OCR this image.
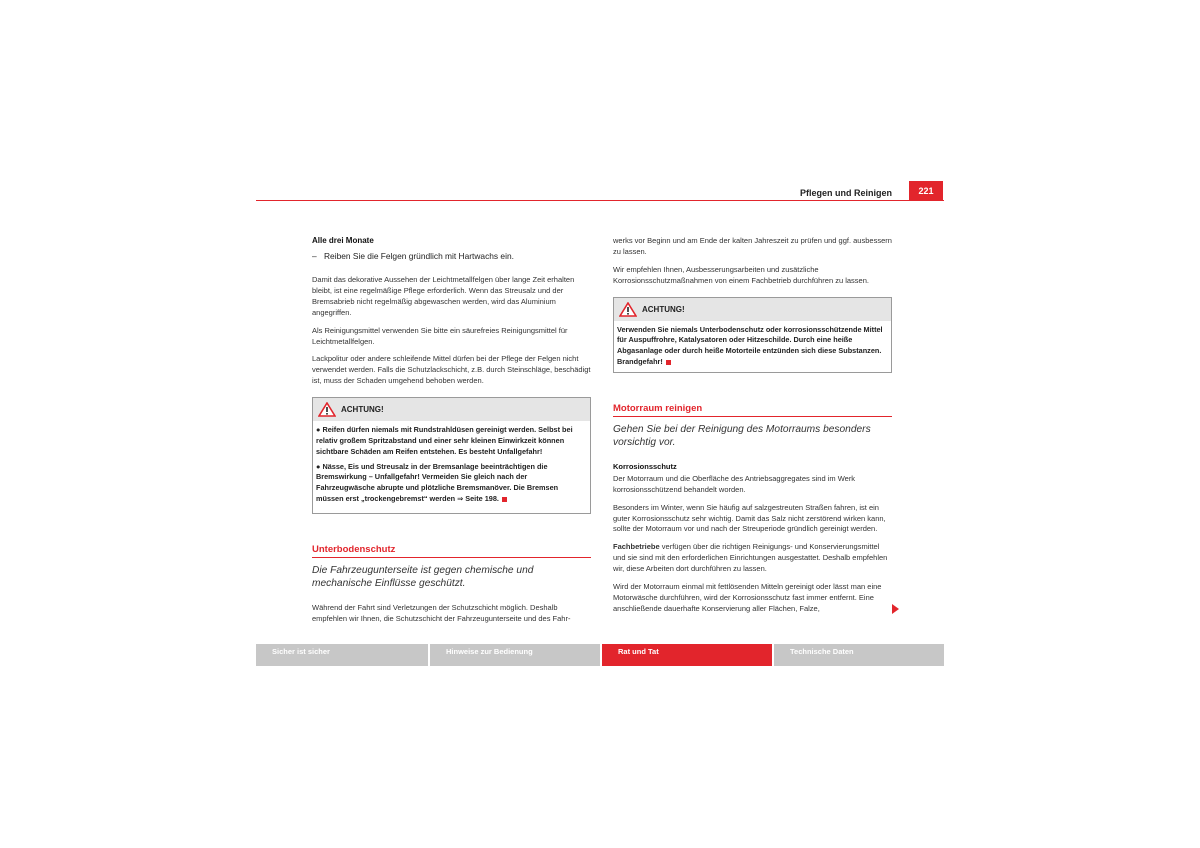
Pflegen und Reinigen	221
Alle drei Monate
– Reiben Sie die Felgen gründlich mit Hartwachs ein.

Damit das dekorative Aussehen der Leichtmetallfelgen über lange Zeit erhalten bleibt, ist eine regelmäßige Pflege erforderlich. Wenn das Streusalz und der Bremsabrieb nicht regelmäßig abgewaschen werden, wird das Aluminium angegriffen.

Als Reinigungsmittel verwenden Sie bitte ein säurefreies Reinigungsmittel für Leichtmetallfelgen.

Lackpolitur oder andere schleifende Mittel dürfen bei der Pflege der Felgen nicht verwendet werden. Falls die Schutzlackschicht, z.B. durch Steinschläge, beschädigt ist, muss der Schaden umgehend behoben werden.

ACHTUNG!
● Reifen dürfen niemals mit Rundstrahldüsen gereinigt werden. Selbst bei relativ großem Spritzabstand und einer sehr kleinen Einwirkzeit können sichtbare Schäden am Reifen entstehen. Es besteht Unfallgefahr!
● Nässe, Eis und Streusalz in der Bremsanlage beeinträchtigen die Bremswirkung – Unfallgefahr! Vermeiden Sie gleich nach der Fahrzeugwäsche abrupte und plötzliche Bremsmanöver. Die Bremsen müssen erst „trockengebremst“ werden ⇒ Seite 198.
Unterbodenschutz
Die Fahrzeugunterseite ist gegen chemische und mechanische Einflüsse geschützt.

Während der Fahrt sind Verletzungen der Schutzschicht möglich. Deshalb empfehlen wir Ihnen, die Schutzschicht der Fahrzeugunterseite und des Fahr-

werks vor Beginn und am Ende der kalten Jahreszeit zu prüfen und ggf. ausbessern zu lassen.

Wir empfehlen Ihnen, Ausbesserungsarbeiten und zusätzliche Korrosionsschutzmaßnahmen von einem Fachbetrieb durchführen zu lassen.

ACHTUNG!
Verwenden Sie niemals Unterbodenschutz oder korrosionsschützende Mittel für Auspuffrohre, Katalysatoren oder Hitzeschilde. Durch eine heiße Abgasanlage oder durch heiße Motorteile entzünden sich diese Substanzen. Brandgefahr!
Motorraum reinigen
Gehen Sie bei der Reinigung des Motorraums besonders vorsichtig vor.
Korrosionsschutz

Der Motorraum und die Oberfläche des Antriebsaggregates sind im Werk korrosionsschützend behandelt worden.

Besonders im Winter, wenn Sie häufig auf salzgestreuten Straßen fahren, ist ein guter Korrosionsschutz sehr wichtig. Damit das Salz nicht zerstörend wirken kann, sollte der Motorraum vor und nach der Streuperiode gründlich gereinigt werden.

Fachbetriebe verfügen über die richtigen Reinigungs- und Konservierungsmittel und sie sind mit den erforderlichen Einrichtungen ausgestattet. Deshalb empfehlen wir, diese Arbeiten dort durchführen zu lassen.

Wird der Motorraum einmal mit fettlösenden Mitteln gereinigt oder lässt man eine Motorwäsche durchführen, wird der Korrosionsschutz fast immer entfernt. Eine anschließende dauerhafte Konservierung aller Flächen, Falze,

Sicher ist sicher	Hinweise zur Bedienung	Rat und Tat	Technische Daten
